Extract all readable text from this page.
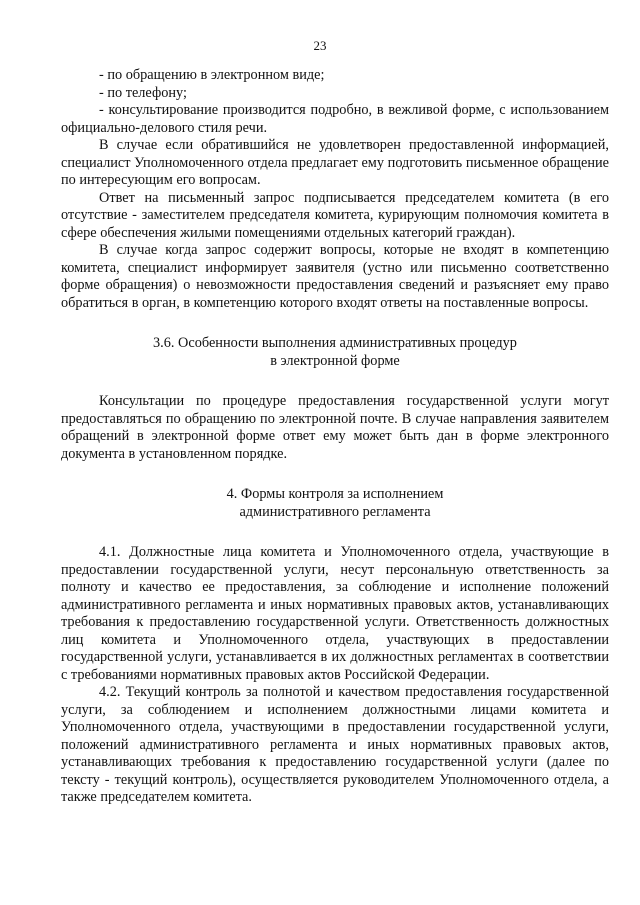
23

- по обращению в электронном виде;

- по телефону;

- консультирование производится подробно, в вежливой форме, с использованием официально-делового стиля речи.

В случае если обратившийся не удовлетворен предоставленной информацией, специалист Уполномоченного отдела предлагает ему подготовить письменное обращение по интересующим его вопросам.

Ответ на письменный запрос подписывается председателем комитета (в его отсутствие - заместителем председателя комитета, курирующим полномочия комитета в сфере обеспечения жилыми помещениями отдельных категорий граждан).

В случае когда запрос содержит вопросы, которые не входят в компетенцию комитета, специалист информирует заявителя (устно или письменно соответственно форме обращения) о невозможности предоставления сведений и разъясняет ему право обратиться в орган, в компетенцию которого входят ответы на поставленные вопросы.

3.6. Особенности выполнения административных процедур

в электронной форме

Консультации по процедуре предоставления государственной услуги могут предоставляться по обращению по электронной почте. В случае направления заявителем обращений в электронной форме ответ ему может быть дан в форме электронного документа в установленном порядке.

4. Формы контроля за исполнением

административного регламента

4.1. Должностные лица комитета и Уполномоченного отдела, участвующие в предоставлении государственной услуги, несут персональную ответственность за полноту и качество ее предоставления, за соблюдение и исполнение положений административного регламента и иных нормативных правовых актов, устанавливающих требования к предоставлению государственной услуги. Ответственность должностных лиц комитета и Уполномоченного отдела, участвующих в предоставлении государственной услуги, устанавливается в их должностных регламентах в соответствии с требованиями нормативных правовых актов Российской Федерации.

4.2. Текущий контроль за полнотой и качеством предоставления государственной услуги, за соблюдением и исполнением должностными лицами комитета и Уполномоченного отдела, участвующими в предоставлении государственной услуги, положений административного регламента и иных нормативных правовых актов, устанавливающих требования к предоставлению государственной услуги (далее по тексту - текущий контроль), осуществляется руководителем Уполномоченного отдела, а также председателем комитета.
